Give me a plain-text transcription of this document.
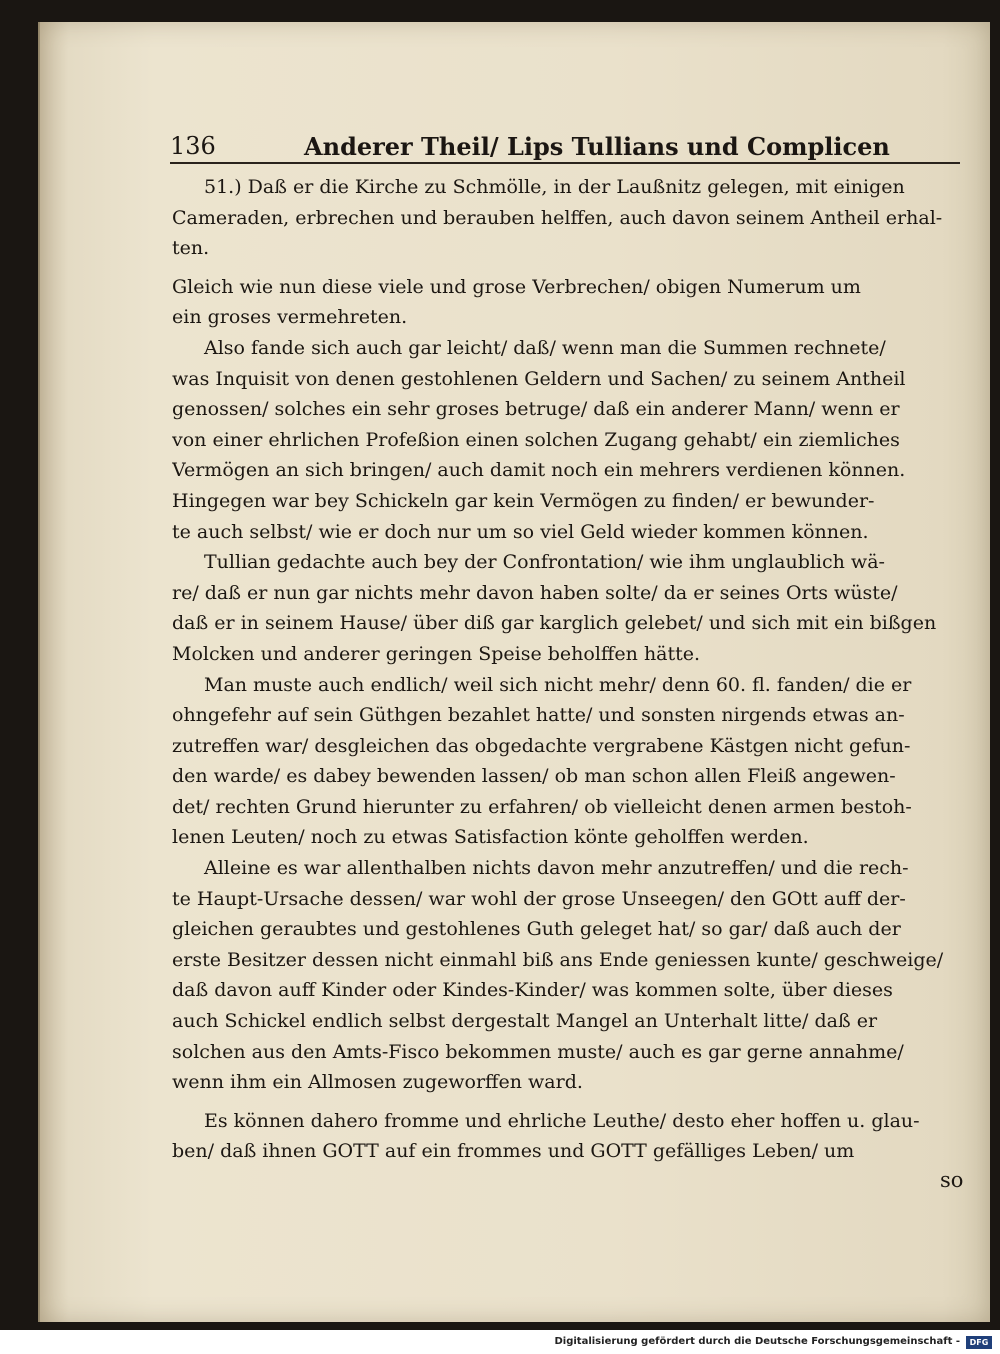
136	Anderer Theil/ Lips Tullians und Complicen

51.) Daß er die Kirche zu Schmölle, in der Laußnitz gelegen, mit einigen
Cameraden, erbrechen und berauben helffen, auch davon seinem Antheil erhal-
ten.

Gleich wie nun diese viele und grose Verbrechen/ obigen Numerum um
ein groses vermehreten.

Also fande sich auch gar leicht/ daß/ wenn man die Summen rechnete/
was Inquisit von denen gestohlenen Geldern und Sachen/ zu seinem Antheil
genossen/ solches ein sehr groses betruge/ daß ein anderer Mann/ wenn er
von einer ehrlichen Profeßion einen solchen Zugang gehabt/ ein ziemliches
Vermögen an sich bringen/ auch damit noch ein mehrers verdienen können.
Hingegen war bey Schickeln gar kein Vermögen zu finden/ er bewunder-
te auch selbst/ wie er doch nur um so viel Geld wieder kommen können.

Tullian gedachte auch bey der Confrontation/ wie ihm unglaublich wä-
re/ daß er nun gar nichts mehr davon haben solte/ da er seines Orts wüste/
daß er in seinem Hause/ über diß gar karglich gelebet/ und sich mit ein bißgen
Molcken und anderer geringen Speise beholffen hätte.

Man muste auch endlich/ weil sich nicht mehr/ denn 60. fl. fanden/ die er
ohngefehr auf sein Güthgen bezahlet hatte/ und sonsten nirgends etwas an-
zutreffen war/ desgleichen das obgedachte vergrabene Kästgen nicht gefun-
den warde/ es dabey bewenden lassen/ ob man schon allen Fleiß angewen-
det/ rechten Grund hierunter zu erfahren/ ob vielleicht denen armen bestoh-
lenen Leuten/ noch zu etwas Satisfaction könte geholffen werden.

Alleine es war allenthalben nichts davon mehr anzutreffen/ und die rech-
te Haupt-Ursache dessen/ war wohl der grose Unseegen/ den GOtt auff der-
gleichen geraubtes und gestohlenes Guth geleget hat/ so gar/ daß auch der
erste Besitzer dessen nicht einmahl biß ans Ende geniessen kunte/ geschweige/
daß davon auff Kinder oder Kindes-Kinder/ was kommen solte, über dieses
auch Schickel endlich selbst dergestalt Mangel an Unterhalt litte/ daß er
solchen aus den Amts-Fisco bekommen muste/ auch es gar gerne annahme/
wenn ihm ein Allmosen zugeworffen ward.

Es können dahero fromme und ehrliche Leuthe/ desto eher hoffen u. glau-
ben/ daß ihnen GOTT auf ein frommes und GOTT gefälliges Leben/ um

so
Digitalisierung gefördert durch die Deutsche Forschungsgemeinschaft -	DFG
